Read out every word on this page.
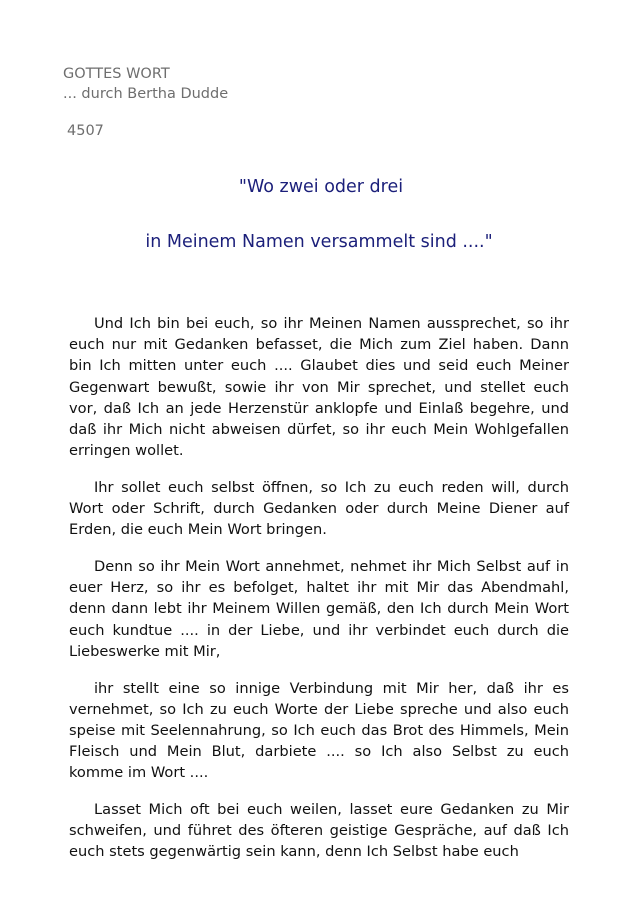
GOTTES WORT
... durch Bertha Dudde
4507
"Wo zwei oder drei
in Meinem Namen versammelt sind ...."

Und Ich bin bei euch, so ihr Meinen Namen aussprechet, so ihr euch nur mit Gedanken befasset, die Mich zum Ziel haben. Dann bin Ich mitten unter euch .... Glaubet dies und seid euch Meiner Gegenwart bewußt, sowie ihr von Mir sprechet, und stellet euch vor, daß Ich an jede Herzenstür anklopfe und Einlaß begehre, und daß ihr Mich nicht abweisen dürfet, so ihr euch Mein Wohlgefallen erringen wollet.

Ihr sollet euch selbst öffnen, so Ich zu euch reden will, durch Wort oder Schrift, durch Gedanken oder durch Meine Diener auf Erden, die euch Mein Wort bringen.

Denn so ihr Mein Wort annehmet, nehmet ihr Mich Selbst auf in euer Herz, so ihr es befolget, haltet ihr mit Mir das Abendmahl, denn dann lebt ihr Meinem Willen gemäß, den Ich durch Mein Wort euch kundtue .... in der Liebe, und ihr verbindet euch durch die Liebeswerke mit Mir,

ihr stellt eine so innige Verbindung mit Mir her, daß ihr es vernehmet, so Ich zu euch Worte der Liebe spreche und also euch speise mit Seelennahrung, so Ich euch das Brot des Himmels, Mein Fleisch und Mein Blut, darbiete .... so Ich also Selbst zu euch komme im Wort ....

Lasset Mich oft bei euch weilen, lasset eure Gedanken zu Mir schweifen, und führet des öfteren geistige Gespräche, auf daß Ich euch stets gegenwärtig sein kann, denn Ich Selbst habe euch
